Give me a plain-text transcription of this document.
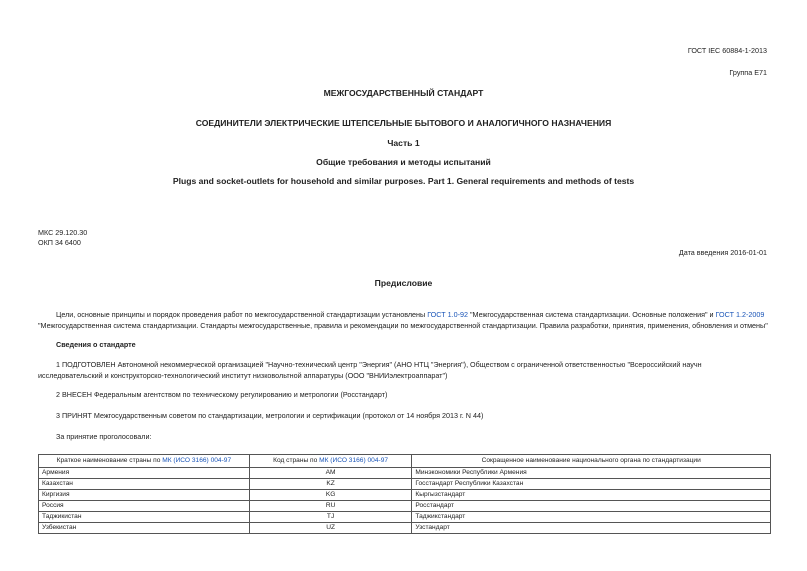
ГОСТ IEC 60884-1-2013
Группа Е71
МЕЖГОСУДАРСТВЕННЫЙ СТАНДАРТ
СОЕДИНИТЕЛИ ЭЛЕКТРИЧЕСКИЕ ШТЕПСЕЛЬНЫЕ БЫТОВОГО И АНАЛОГИЧНОГО НАЗНАЧЕНИЯ
Часть 1
Общие требования и методы испытаний
Plugs and socket-outlets for household and similar purposes. Part 1. General requirements and methods of tests
МКС 29.120.30
ОКП 34 6400
Дата введения 2016-01-01
Предисловие
Цели, основные принципы и порядок проведения работ по межгосударственной стандартизации установлены ГОСТ 1.0-92 "Межгосударственная система стандартизации. Основные положения" и ГОСТ 1.2-2009
"Межгосударственная система стандартизации. Стандарты межгосударственные, правила и рекомендации по межгосударственной стандартизации. Правила разработки, принятия, применения, обновления и отмены"
Сведения о стандарте
1 ПОДГОТОВЛЕН Автономной некоммерческой организацией "Научно-технический центр "Энергия" (АНО НТЦ "Энергия"), Обществом с ограниченной ответственностью "Всероссийский научн
исследовательский и конструкторско-технологический институт низковольтной аппаратуры (ООО "ВНИИэлектроаппарат")
2 ВНЕСЕН Федеральным агентством по техническому регулированию и метрологии (Росстандарт)
3 ПРИНЯТ Межгосударственным советом по стандартизации, метрологии и сертификации (протокол от 14 ноября 2013 г. N 44)
За принятие проголосовали:
Краткое наименование страны по МК (ИСО 3166) 004-97	Код страны по МК (ИСО 3166) 004-97	Сокращенное наименование национального органа по стандартизации
Армения	AM	Минэкономики Республики Армения
Казахстан	KZ	Госстандарт Республики Казахстан
Киргизия	KG	Кыргызстандарт
Россия	RU	Росстандарт
Таджикистан	TJ	Таджикстандарт
Узбекистан	UZ	Узстандарт
